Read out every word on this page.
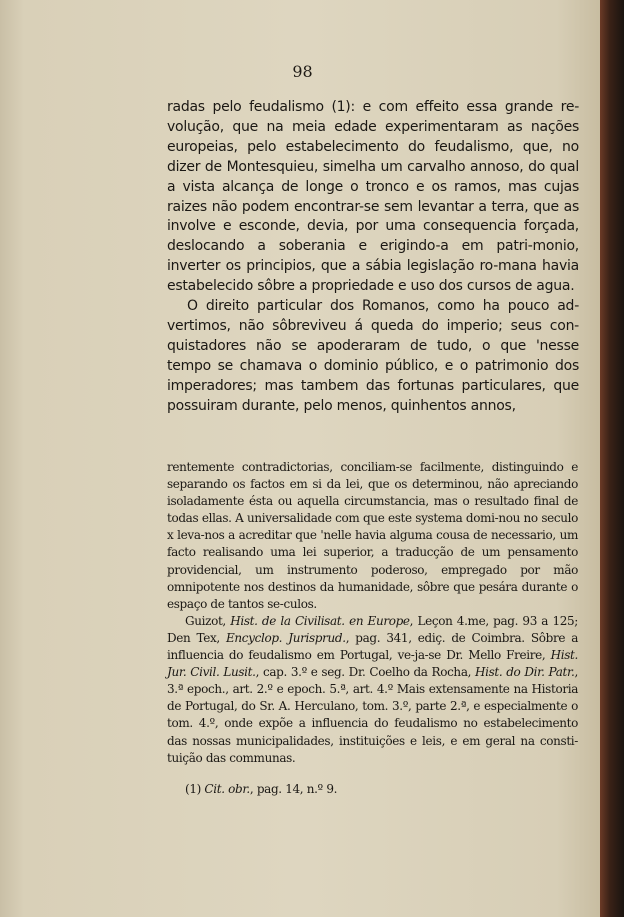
98

radas pelo feudalismo (1): e com effeito essa grande re-volução, que na meia edade experimentaram as nações europeias, pelo estabelecimento do feudalismo, que, no dizer de Montesquieu, simelha um carvalho annoso, do qual a vista alcança de longe o tronco e os ramos, mas cujas raizes não podem encontrar-se sem levantar a terra, que as involve e esconde, devia, por uma consequencia forçada, deslocando a soberania e erigindo-a em patri-monio, inverter os principios, que a sábia legislação ro-mana havia estabelecido sôbre a propriedade e uso dos cursos de agua.

O direito particular dos Romanos, como ha pouco ad-vertimos, não sôbreviveu á queda do imperio; seus con-quistadores não se apoderaram de tudo, o que 'nesse tempo se chamava o dominio público, e o patrimonio dos imperadores; mas tambem das fortunas particulares, que possuiram durante, pelo menos, quinhentos annos,

rentemente contradictorias, conciliam-se facilmente, distinguindo e separando os factos em si da lei, que os determinou, não apreciando isoladamente ésta ou aquella circumstancia, mas o resultado final de todas ellas. A universalidade com que este systema domi-nou no seculo x leva-nos a acreditar que 'nelle havia alguma cousa de necessario, um facto realisando uma lei superior, a traducção de um pensamento providencial, um instrumento poderoso, empregado por mão omnipotente nos destinos da humanidade, sôbre que pesára durante o espaço de tantos se-culos.

Guizot, Hist. de la Civilisat. en Europe, Leçon 4.me, pag. 93 a 125; Den Tex, Encyclop. Jurisprud., pag. 341, ediç. de Coimbra. Sôbre a influencia do feudalismo em Portugal, ve-ja-se Dr. Mello Freire, Hist. Jur. Civil. Lusit., cap. 3.º e seg. Dr. Coelho da Rocha, Hist. do Dir. Patr., 3.ª epoch., art. 2.º e epoch. 5.ª, art. 4.º Mais extensamente na Historia de Portugal, do Sr. A. Herculano, tom. 3.º, parte 2.ª, e especialmente o tom. 4.º, onde expõe a influencia do feudalismo no estabelecimento das nossas municipalidades, instituições e leis, e em geral na consti-tuição das communas.

(1) Cit. obr., pag. 14, n.º 9.
